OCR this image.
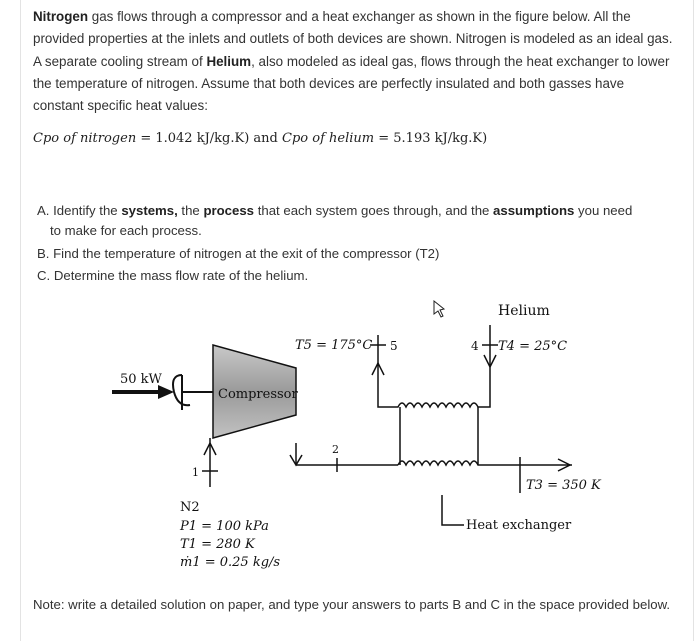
Nitrogen gas flows through a compressor and a heat exchanger as shown in the figure below. All the provided properties at the inlets and outlets of both devices are shown. Nitrogen is modeled as an ideal gas. A separate cooling stream of Helium, also modeled as ideal gas, flows through the heat exchanger to lower the temperature of nitrogen. Assume that both devices are perfectly insulated and both gasses have constant specific heat values:
Cpo of nitrogen = 1.042 kJ/kg.K) and Cpo of helium = 5.193 kJ/kg.K)
A. Identify the systems, the process that each system goes through, and the assumptions you need
to make for each process.
B. Find the temperature of nitrogen at the exit of the compressor (T2)
C. Determine the mass flow rate of the helium.
50 kW
Compressor
1
2
T5 = 175°C 5
Helium
4 T4 = 25°C
T3 = 350 K
Heat exchanger
N2
P1 = 100 kPa
T1 = 280 K
ṁ1 = 0.25 kg/s
Note: write a detailed solution on paper, and type your answers to parts B and C in the space provided below.
